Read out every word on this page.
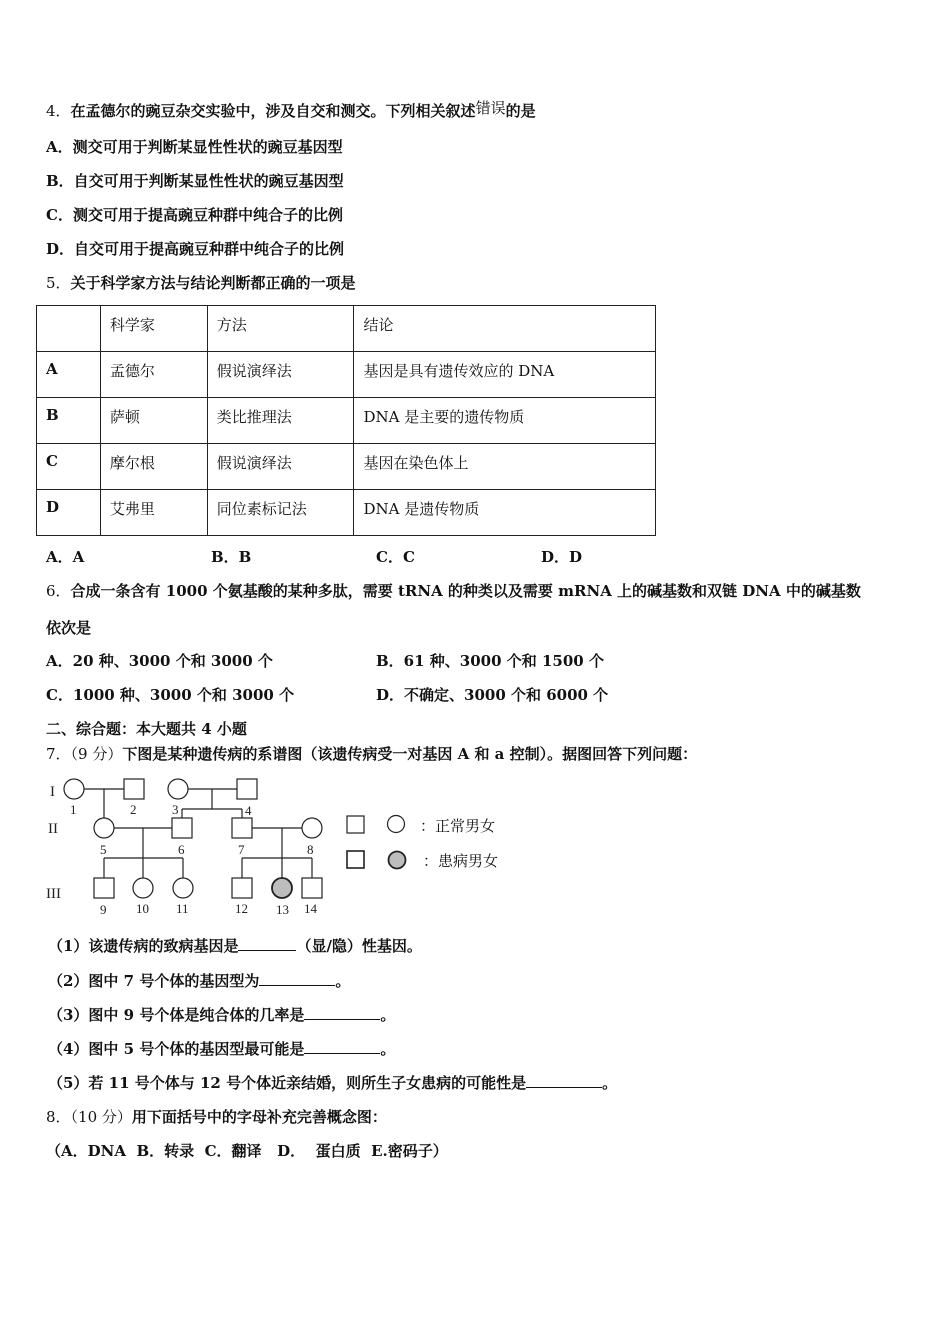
4．在孟德尔的豌豆杂交实验中，涉及自交和测交。下列相关叙述错误的是
A．测交可用于判断某显性性状的豌豆基因型
B．自交可用于判断某显性性状的豌豆基因型
C．测交可用于提高豌豆种群中纯合子的比例
D．自交可用于提高豌豆种群中纯合子的比例
5．关于科学家方法与结论判断都正确的一项是
	科学家	方法	结论
A	孟德尔	假说演绎法	基因是具有遗传效应的 DNA
B	萨顿	类比推理法	DNA 是主要的遗传物质
C	摩尔根	假说演绎法	基因在染色体上
D	艾弗里	同位素标记法	DNA 是遗传物质
A．A	B．B	C．C	D．D
6．合成一条含有 1000 个氨基酸的某种多肽，需要 tRNA 的种类以及需要 mRNA 上的碱基数和双链 DNA 中的碱基数
依次是
A．20 种、3000 个和 3000 个	B．61 种、3000 个和 1500 个
C．1000 种、3000 个和 3000 个	D．不确定、3000 个和 6000 个
二、综合题：本大题共 4 小题
7．（9 分）下图是某种遗传病的系谱图（该遗传病受一对基因 A 和 a 控制）。据图回答下列问题：
I
II
III
1	2	3	4
5	6	7	8
9 10 11	12 13 14
：正常男女
：患病男女
（1）该遗传病的致病基因是	（显/隐）性基因。
（2）图中 7 号个体的基因型为	。
（3）图中 9 号个体是纯合体的几率是	。
（4）图中 5 号个体的基因型最可能是	。
（5）若 11 号个体与 12 号个体近亲结婚，则所生子女患病的可能性是	。
8．（10 分）用下面括号中的字母补充完善概念图：
（A．DNA  B．转录  C．翻译   D．  蛋白质  E.密码子）
